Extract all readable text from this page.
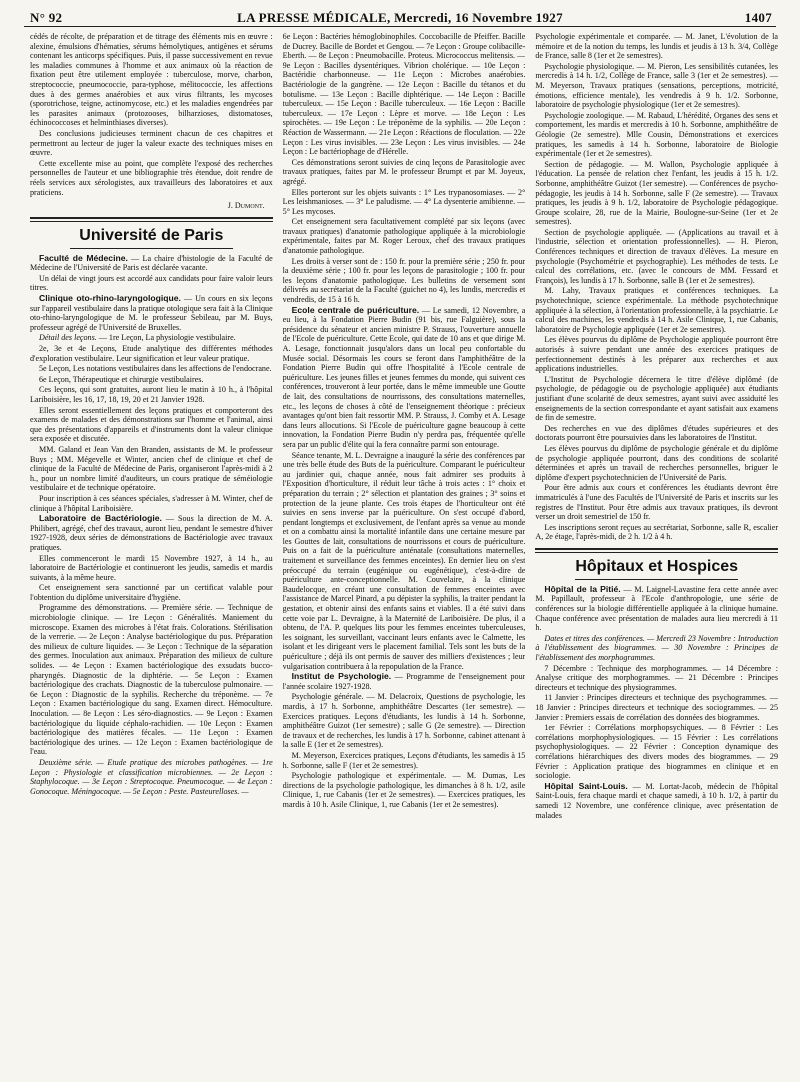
N° 92	LA PRESSE MÉDICALE, Mercredi, 16 Novembre 1927	1407

cédés de récolte, de préparation et de titrage des éléments mis en œuvre : alexine, émulsions d'hématies, sérums hémolytiques, antigènes et sérums contenant les anticorps spécifiques. Puis, il passe successivement en revue les maladies communes à l'homme et aux animaux où la réaction de fixation peut être utilement employée : tuberculose, morve, charbon, streptococcie, pneumococcie, para-typhose, mélitococcie, les affections dues à des germes anaérobies et aux virus filtrants, les mycoses (sporotrichose, teigne, actinomycose, etc.) et les maladies engendrées par les parasites animaux (protozooses, bilharzioses, distomatoses, échinococcoses et helminthiases diverses).

Des conclusions judicieuses terminent chacun de ces chapitres et permettront au lecteur de juger la valeur exacte des techniques mises en œuvre.

Cette excellente mise au point, que complète l'exposé des recherches personnelles de l'auteur et une bibliographie très étendue, doit rendre de réels services aux sérologistes, aux travailleurs des laboratoires et aux praticiens.

J. Dumont.
Université de Paris

Faculté de Médecine. — La chaire d'histologie de la Faculté de Médecine de l'Université de Paris est déclarée vacante.

Un délai de vingt jours est accordé aux candidats pour faire valoir leurs titres.

Clinique oto-rhino-laryngologique. — Un cours en six leçons sur l'appareil vestibulaire dans la pratique otologique sera fait à la Clinique oto-rhino-laryngologique de M. le professeur Sebileau, par M. Buys, professeur agrégé de l'Université de Bruxelles.

Détail des leçons. — 1re Leçon, La physiologie vestibulaire.

2e, 3e et 4e Leçons, Etude analytique des différentes méthodes d'exploration vestibulaire. Leur signification et leur valeur pratique.

5e Leçon, Les notations vestibulaires dans les affections de l'endocrane.

6e Leçon, Thérapeutique et chirurgie vestibulaires.

Ces leçons, qui sont gratuites, auront lieu le matin à 10 h., à l'hôpital Lariboisière, les 16, 17, 18, 19, 20 et 21 Janvier 1928.

Elles seront essentiellement des leçons pratiques et comporteront des examens de malades et des démonstrations sur l'homme et l'animal, ainsi que des présentations d'appareils et d'instruments dont la valeur clinique sera exposée et discutée.

MM. Galand et Jean Van den Branden, assistants de M. le professeur Buys ; MM. Mégevelle et Winter, ancien chef de clinique et chef de clinique de la Faculté de Médecine de Paris, organiseront l'après-midi à 2 h., pour un nombre limité d'auditeurs, un cours pratique de séméiologie vestibulaire et de technique opératoire.

Pour inscription à ces séances spéciales, s'adresser à M. Winter, chef de clinique à l'hôpital Lariboisière.

Laboratoire de Bactériologie. — Sous la direction de M. A. Philibert, agrégé, chef des travaux, auront lieu, pendant le semestre d'hiver 1927-1928, deux séries de démonstrations de Bactériologie avec travaux pratiques.

Elles commenceront le mardi 15 Novembre 1927, à 14 h., au laboratoire de Bactériologie et continueront les jeudis, samedis et mardis suivants, à la même heure.

Cet enseignement sera sanctionné par un certificat valable pour l'obtention du diplôme universitaire d'hygiène.

Programme des démonstrations. — Première série. — Technique de microbiologie clinique. — 1re Leçon : Généralités. Maniement du microscope. Examen des microbes à l'état frais. Colorations. Stérilisation de la verrerie. — 2e Leçon : Analyse bactériologique du pus. Préparation des milieux de culture liquides. — 3e Leçon : Technique de la séparation des germes. Inoculation aux animaux. Préparation des milieux de culture solides. — 4e Leçon : Examen bactériologique des exsudats bucco-pharyngés. Diagnostic de la diphtérie. — 5e Leçon : Examen bactériologique des crachats. Diagnostic de la tuberculose pulmonaire. — 6e Leçon : Diagnostic de la syphilis. Recherche du tréponème. — 7e Leçon : Examen bactériologique du sang. Examen direct. Hémoculture. Inoculation. — 8e Leçon : Les séro-diagnostics. — 9e Leçon : Examen bactériologique du liquide céphalo-rachidien. — 10e Leçon : Examen bactériologique des matières fécales. — 11e Leçon : Examen bactériologique des urines. — 12e Leçon : Examen bactériologique de l'eau.

Deuxième série. — Etude pratique des microbes pathogènes. — 1re Leçon : Physiologie et classification microbiennes. — 2e Leçon : Staphylocoque. — 3e Leçon : Streptocoque. Pneumocoque. — 4e Leçon : Gonocoque. Méningocoque. — 5e Leçon : Peste. Pasteurelloses. —

6e Leçon : Bactéries hémoglobinophiles. Coccobacille de Pfeiffer. Bacille de Ducrey. Bacille de Bordet et Gengou. — 7e Leçon : Groupe colibacille-Eberth. — 8e Leçon : Pneumobacille. Proteus. Micrococcus melitensis. — 9e Leçon : Bacilles dysentériques. Vibrion cholérique. — 10e Leçon : Bactéridie charbonneuse. — 11e Leçon : Microbes anaérobies. Bactériologie de la gangrène. — 12e Leçon : Bacille du tétanos et du botulisme. — 13e Leçon : Bacille diphtérique. — 14e Leçon : Bacille tuberculeux. — 15e Leçon : Bacille tuberculeux. — 16e Leçon : Bacille tuberculeux. — 17e Leçon : Lèpre et morve. — 18e Leçon : Les spirochètes. — 19e Leçon : Le tréponème de la syphilis. — 20e Leçon : Réaction de Wassermann. — 21e Leçon : Réactions de floculation. — 22e Leçon : Les virus invisibles. — 23e Leçon : Les virus invisibles. — 24e Leçon : Le bactériophage de d'Hérelle.

Ces démonstrations seront suivies de cinq leçons de Parasitologie avec travaux pratiques, faites par M. le professeur Brumpt et par M. Joyeux, agrégé.

Elles porteront sur les objets suivants : 1° Les trypanosomiases. — 2° Les leishmanioses. — 3° Le paludisme. — 4° La dysenterie amibienne. — 5° Les mycoses.

Cet enseignement sera facultativement complété par six leçons (avec travaux pratiques) d'anatomie pathologique appliquée à la microbiologie expérimentale, faites par M. Roger Leroux, chef des travaux pratiques d'anatomie pathologique.

Les droits à verser sont de : 150 fr. pour la première série ; 250 fr. pour la deuxième série ; 100 fr. pour les leçons de parasitologie ; 100 fr. pour les leçons d'anatomie pathologique. Les bulletins de versement sont délivrés au secrétariat de la Faculté (guichet no 4), les lundis, mercredis et vendredis, de 15 à 16 h.

Ecole centrale de puériculture. — Le samedi, 12 Novembre, a eu lieu, à la Fondation Pierre Budin (91 bis, rue Falguière), sous la présidence du sénateur et ancien ministre P. Strauss, l'ouverture annuelle de l'Ecole de puériculture. Cette Ecole, qui date de 10 ans et que dirige M. A. Lesage, fonctionnait jusqu'alors dans un local peu confortable du Musée social. Désormais les cours se feront dans l'amphithéâtre de la Fondation Pierre Budin qui offre l'hospitalité à l'Ecole centrale de puériculture. Les jeunes filles et jeunes femmes du monde, qui suivent ces conférences, trouveront à leur portée, dans le même immeuble une Goutte de lait, des consultations de nourrissons, des consultations maternelles, etc., les leçons de choses à côté de l'enseignement théorique : précieux avantages qu'ont bien fait ressortir MM. P. Strauss, J. Comby et A. Lesage dans leurs allocutions. Si l'Ecole de puériculture gagne beaucoup à cette innovation, la Fondation Pierre Budin n'y perdra pas, fréquentée qu'elle sera par un public d'élite qui la fera connaître parmi son entourage.

Séance tenante, M. L. Devraigne a inauguré la série des conférences par une très belle étude des Buts de la puériculture. Comparant le puériculteur au jardinier qui, chaque année, nous fait admirer ses produits à l'Exposition d'horticulture, il réduit leur tâche à trois actes : 1° choix et préparation du terrain ; 2° sélection et plantation des graines ; 3° soins et protection de la jeune plante. Ces trois étapes de l'horticulteur ont été suivies en sens inverse par la puériculture. On s'est occupé d'abord, pendant longtemps et exclusivement, de l'enfant après sa venue au monde et on a combattu ainsi la mortalité infantile dans une certaine mesure par les Gouttes de lait, consultations de nourrissons et cours de puériculture. Puis on a fait de la puériculture anténatale (consultations maternelles, traitement et surveillance des femmes enceintes). En dernier lieu on s'est préoccupé du terrain (eugénique ou eugénétique), c'est-à-dire de puériculture ante-conceptionnelle. M. Couvelaire, à la clinique Baudelocque, en créant une consultation de femmes enceintes avec l'assistance de Marcel Pinard, a pu dépister la syphilis, la traiter pendant la gestation, et obtenir ainsi des enfants sains et viables. Il a été suivi dans cette voie par L. Devraigne, à la Maternité de Lariboisière. De plus, il a obtenu, de l'A. P. quelques lits pour les femmes enceintes tuberculeuses, les soignant, les surveillant, vaccinant leurs enfants avec le Calmette, les isolant et les dirigeant vers le placement familial. Tels sont les buts de la puériculture ; déjà ils ont permis de sauver des milliers d'existences ; leur vulgarisation contribuera à la repopulation de la France.

Institut de Psychologie. — Programme de l'enseignement pour l'année scolaire 1927-1928.

Psychologie générale. — M. Delacroix, Questions de psychologie, les mardis, à 17 h. Sorbonne, amphithéâtre Descartes (1er semestre). — Exercices pratiques. Leçons d'étudiants, les lundis à 14 h. Sorbonne, amphithéâtre Guizot (1er semestre) ; salle G (2e semestre). — Direction de travaux et de recherches, les lundis à 17 h. Sorbonne, cabinet attenant à la salle E (1er et 2e semestres).

M. Meyerson, Exercices pratiques, Leçons d'étudiants, les samedis à 15 h. Sorbonne, salle F (1er et 2e semestres).

Psychologie pathologique et expérimentale. — M. Dumas, Les directions de la psychologie pathologique, les dimanches à 8 h. 1/2, asile Clinique, 1, rue Cabanis (1er et 2e semestres). — Exercices pratiques, les mardis à 10 h. Asile Clinique, 1, rue Cabanis (1er et 2e semestres).

Psychologie expérimentale et comparée. — M. Janet, L'évolution de la mémoire et de la notion du temps, les lundis et jeudis à 13 h. 3/4, Collège de France, salle 8 (1er et 2e semestres).

Psychologie physiologique. — M. Pieron, Les sensibilités cutanées, les mercredis à 14 h. 1/2, Collège de France, salle 3 (1er et 2e semestres). — M. Meyerson, Travaux pratiques (sensations, perceptions, motricité, émotions, efficience mentale), les vendredis à 9 h. 1/2. Sorbonne, laboratoire de psychologie physiologique (1er et 2e semestres).

Psychologie zoologique. — M. Rabaud, L'hérédité, Organes des sens et comportement, les mardis et mercredis à 10 h. Sorbonne, amphithéâtre de Géologie (2e semestre). Mlle Cousin, Démonstrations et exercices pratiques, les samedis à 14 h. Sorbonne, laboratoire de Biologie expérimentale (1er et 2e semestres).

Section de pédagogie. — M. Wallon, Psychologie appliquée à l'éducation. La pensée de relation chez l'enfant, les jeudis à 15 h. 1/2. Sorbonne, amphithéâtre Guizot (1er semestre). — Conférences de psycho-pédagogie, les jeudis à 14 h. Sorbonne, salle F (2e semestre). — Travaux pratiques, les jeudis à 9 h. 1/2, laboratoire de Psychologie pédagogique. Groupe scolaire, 28, rue de la Mairie, Boulogne-sur-Seine (1er et 2e semestres).

Section de psychologie appliquée. — (Applications au travail et à l'industrie, sélection et orientation professionnelles). — H. Pieron, Conférences techniques et direction de travaux d'élèves. La mesure en psychologie (Psychométrie et psychographie). Les méthodes de tests. Le calcul des corrélations, etc. (avec le concours de MM. Fessard et François), les lundis à 17 h. Sorbonne, salle B (1er et 2e semestres).

M. Lahy, Travaux pratiques et conférences techniques. La psychotechnique, science expérimentale. La méthode psychotechnique appliquée à la sélection, à l'orientation professionnelle, à la psychiatrie. Le calcul des machines, les vendredis à 14 h. Asile Clinique, 1, rue Cabanis, laboratoire de Psychologie appliquée (1er et 2e semestres).

Les élèves pourvus du diplôme de Psychologie appliquée pourront être autorisés à suivre pendant une année des exercices pratiques de perfectionnement destinés à les préparer aux recherches et aux applications industrielles.

L'Institut de Psychologie décernera le titre d'élève diplômé (de psychologie, de pédagogie ou de psychologie appliquée) aux étudiants justifiant d'une scolarité de deux semestres, ayant suivi avec assiduité les enseignements de la section correspondante et ayant satisfait aux examens de fin de semestre.

Des recherches en vue des diplômes d'études supérieures et des doctorats pourront être poursuivies dans les laboratoires de l'Institut.

Les élèves pourvus du diplôme de psychologie générale et du diplôme de psychologie appliquée pourront, dans des conditions de scolarité déterminées et après un travail de recherches personnelles, briguer le diplôme d'expert psychotechnicien de l'Université de Paris.

Pour être admis aux cours et conférences les étudiants devront être immatriculés à l'une des Facultés de l'Université de Paris et inscrits sur les registres de l'Institut. Pour être admis aux travaux pratiques, ils devront verser un droit semestriel de 150 fr.

Les inscriptions seront reçues au secrétariat, Sorbonne, salle R, escalier A, 2e étage, l'après-midi, de 2 h. 1/2 à 4 h.

Hôpitaux et Hospices

Hôpital de la Pitié. — M. Laignel-Lavastine fera cette année avec M. Papillault, professeur à l'Ecole d'anthropologie, une série de conférences sur la biologie différentielle appliquée à la clinique humaine. Chaque conférence avec présentation de malades aura lieu mercredi à 11 h.

Dates et titres des conférences. — Mercredi 23 Novembre : Introduction à l'établissement des biogrammes. — 30 Novembre : Principes de l'établissement des morphogrammes.

7 Décembre : Technique des morphogrammes. — 14 Décembre : Analyse critique des morphogrammes. — 21 Décembre : Principes directeurs et technique des physiogrammes.

11 Janvier : Principes directeurs et technique des psychogrammes. — 18 Janvier : Principes directeurs et technique des sociogrammes. — 25 Janvier : Premiers essais de corrélation des données des biogrammes.

1er Février : Corrélations morphopsychiques. — 8 Février : Les corrélations morphophysiologiques. — 15 Février : Les corrélations psychophysiologiques. — 22 Février : Conception dynamique des corrélations hiérarchiques des divers modes des biogrammes. — 29 Février : Application pratique des biogrammes en clinique et en sociologie.

Hôpital Saint-Louis. — M. Lortat-Jacob, médecin de l'hôpital Saint-Louis, fera chaque mardi et chaque samedi, à 10 h. 1/2, à partir du samedi 12 Novembre, une conférence clinique, avec présentation de malades
